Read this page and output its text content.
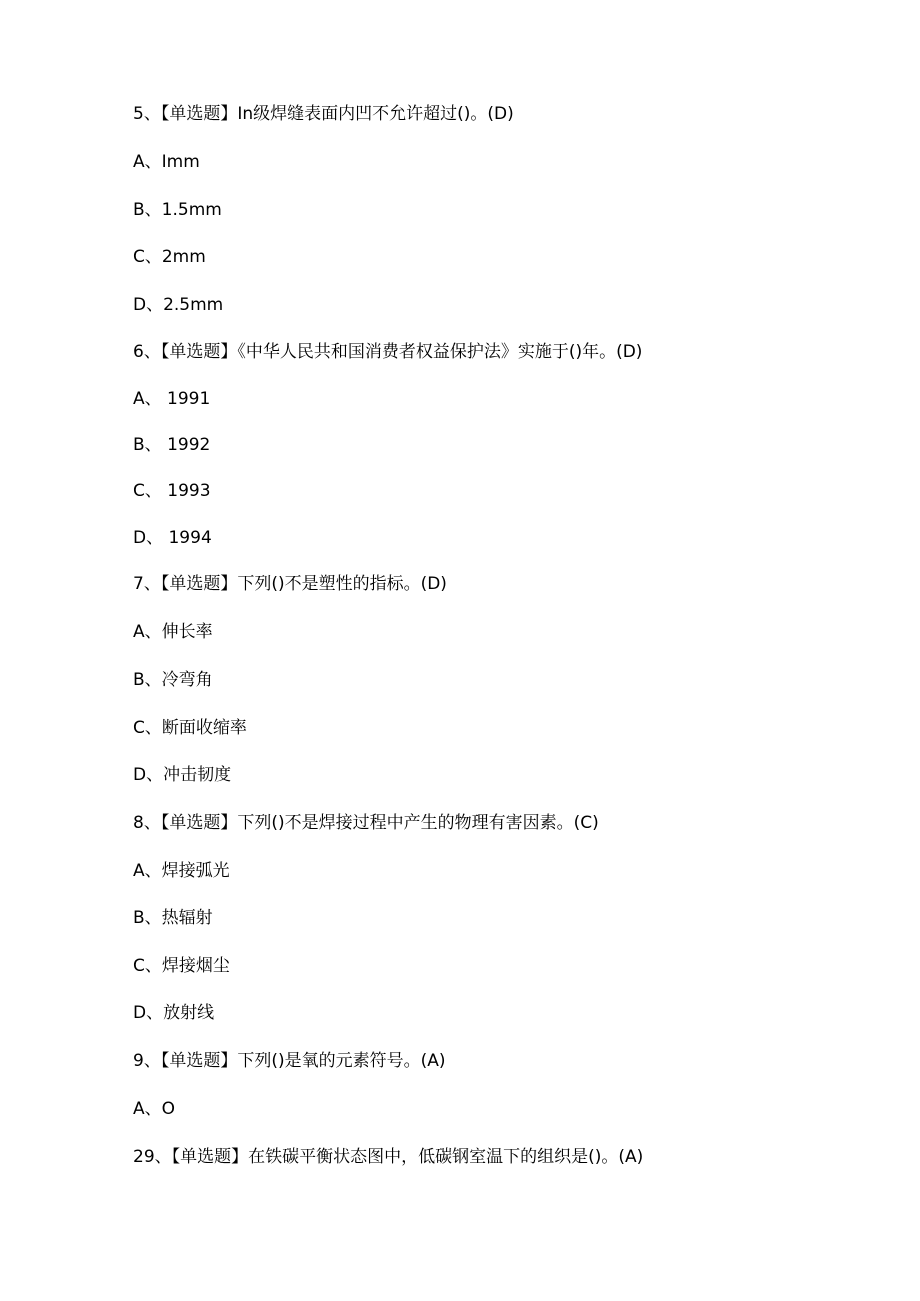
5、【单选题】In级焊缝表面内凹不允许超过()。(D)
A、Imm
B、1.5mm
C、2mm
D、2.5mm
6、【单选题】《中华人民共和国消费者权益保护法》实施于()年。(D)
A、 1991
B、 1992
C、 1993
D、 1994
7、【单选题】下列()不是塑性的指标。(D)
A、伸长率
B、冷弯角
C、断面收缩率
D、冲击韧度
8、【单选题】下列()不是焊接过程中产生的物理有害因素。(C)
A、焊接弧光
B、热辐射
C、焊接烟尘
D、放射线
9、【单选题】下列()是氧的元素符号。(A)
A、O
29、【单选题】在铁碳平衡状态图中，低碳钢室温下的组织是()。(A)
